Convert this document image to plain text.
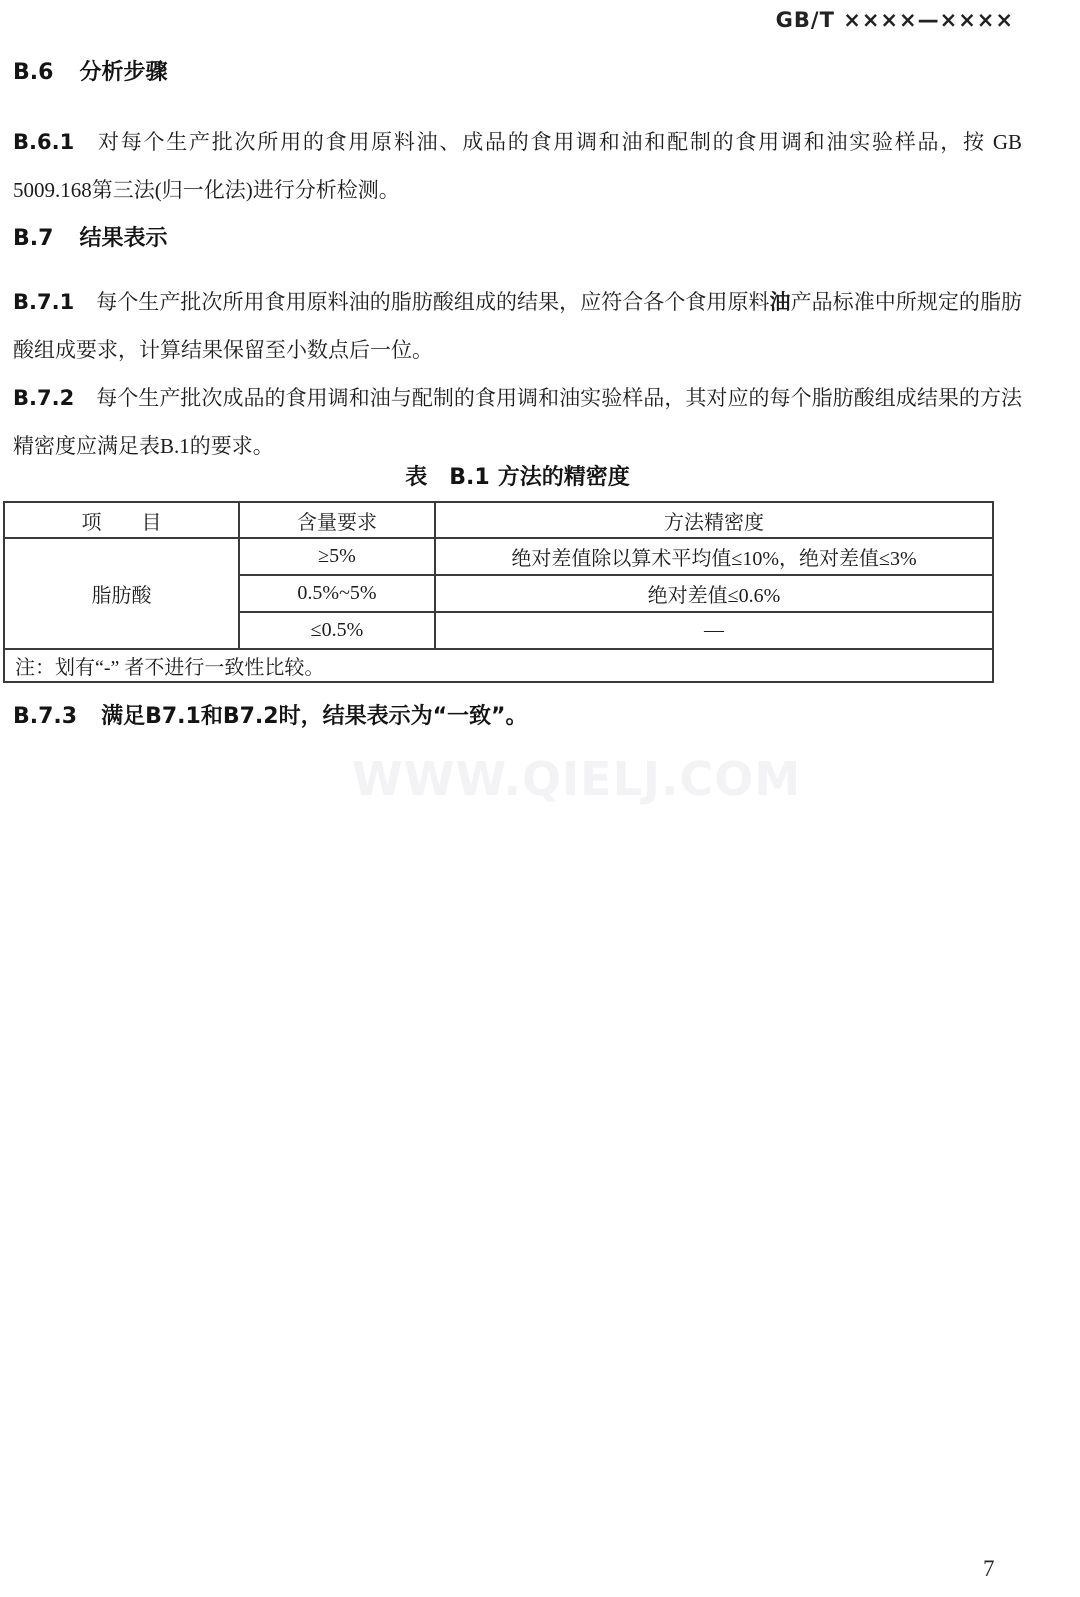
GB/T ××××—××××
B.6 分析步骤

B.6.1 对每个生产批次所用的食用原料油、成品的食用调和油和配制的食用调和油实验样品，按 GB 5009.168第三法(归一化法)进行分析检测。

B.7 结果表示

B.7.1 每个生产批次所用食用原料油的脂肪酸组成的结果，应符合各个食用原料油产品标准中所规定的脂肪酸组成要求，计算结果保留至小数点后一位。

B.7.2 每个生产批次成品的食用调和油与配制的食用调和油实验样品，其对应的每个脂肪酸组成结果的方法精密度应满足表B.1的要求。

表 B.1 方法的精密度
项　　目	含量要求	方法精密度
脂肪酸	≥5%	绝对差值除以算术平均值≤10%，绝对差值≤3%
	0.5%~5%	绝对差值≤0.6%
	≤0.5%	—
注：划有“-” 者不进行一致性比较。		
B.7.3 满足B7.1和B7.2时，结果表示为“一致”。
WWW.QIELJ.COM
7
